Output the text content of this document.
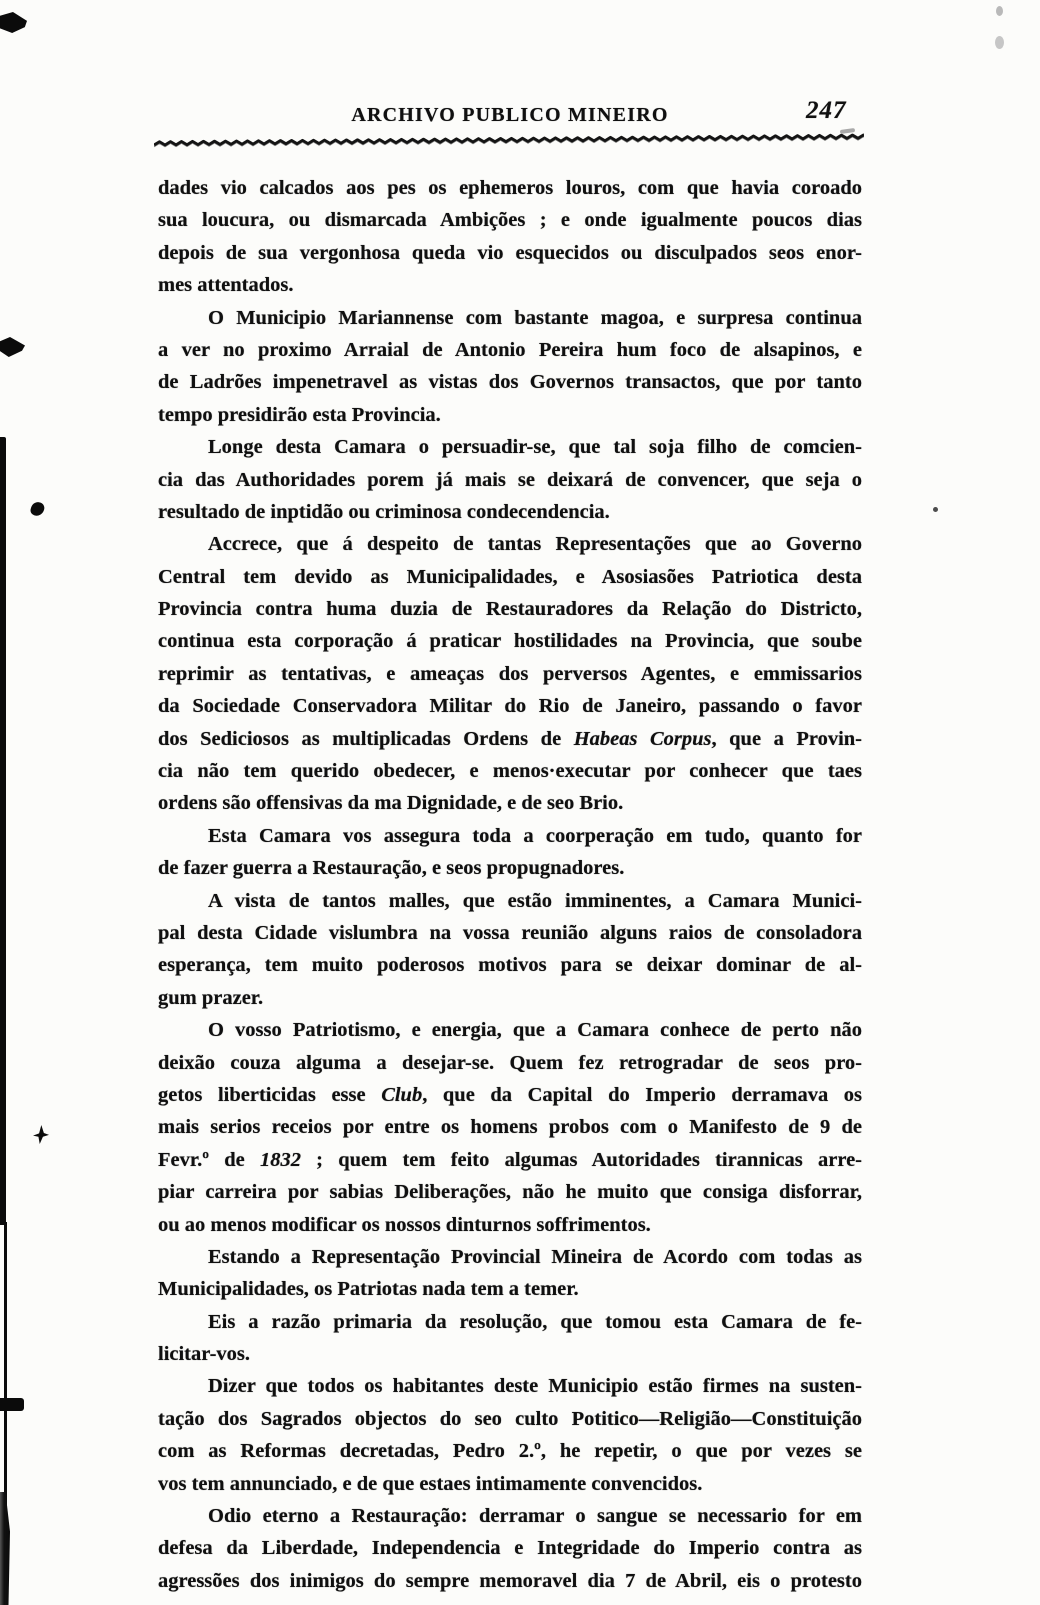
ARCHIVO PUBLICO MINEIRO	247
dades vio calcados aos pes os ephemeros louros, com que havia coroado
sua loucura, ou dismarcada Ambições ; e onde igualmente poucos dias
depois de sua vergonhosa queda vio esquecidos ou disculpados seos enor-
mes attentados.
O Municipio Mariannense com bastante magoa, e surpresa continua
a ver no proximo Arraial de Antonio Pereira hum foco de alsapinos, e
de Ladrões impenetravel as vistas dos Governos transactos, que por tanto
tempo presidirão esta Provincia.
Longe desta Camara o persuadir-se, que tal soja filho de comcien-
cia das Authoridades porem já mais se deixará de convencer, que seja o
resultado de inptidão ou criminosa condecendencia.
Accrece, que á despeito de tantas Representações que ao Governo
Central tem devido as Municipalidades, e Asosiasões Patriotica desta
Provincia contra huma duzia de Restauradores da Relação do Districto,
continua esta corporação á praticar hostilidades na Provincia, que soube
reprimir as tentativas, e ameaças dos perversos Agentes, e emmissarios
da Sociedade Conservadora Militar do Rio de Janeiro, passando o favor
dos Sediciosos as multiplicadas Ordens de Habeas Corpus, que a Provin-
cia não tem querido obedecer, e menos·executar por conhecer que taes
ordens são offensivas da ma Dignidade, e de seo Brio.
Esta Camara vos assegura toda a coorperação em tudo, quanto for
de fazer guerra a Restauração, e seos propugnadores.
A vista de tantos malles, que estão imminentes, a Camara Munici-
pal desta Cidade vislumbra na vossa reunião alguns raios de consoladora
esperança, tem muito poderosos motivos para se deixar dominar de al-
gum prazer.
O vosso Patriotismo, e energia, que a Camara conhece de perto não
deixão couza alguma a desejar-se. Quem fez retrogradar de seos pro-
getos liberticidas esse Club, que da Capital do Imperio derramava os
mais serios receios por entre os homens probos com o Manifesto de 9 de
Fevr.º de 1832 ; quem tem feito algumas Autoridades tirannicas arre-
piar carreira por sabias Deliberações, não he muito que consiga disforrar,
ou ao menos modificar os nossos dinturnos soffrimentos.
Estando a Representação Provincial Mineira de Acordo com todas as
Municipalidades, os Patriotas nada tem a temer.
Eis a razão primaria da resolução, que tomou esta Camara de fe-
licitar-vos.
Dizer que todos os habitantes deste Municipio estão firmes na susten-
tação dos Sagrados objectos do seo culto Potitico—Religião—Constituição
com as Reformas decretadas, Pedro 2.º, he repetir, o que por vezes se
vos tem annunciado, e de que estaes intimamente convencidos.
Odio eterno a Restauração: derramar o sangue se necessario for em
defesa da Liberdade, Independencia e Integridade do Imperio contra as
agressões dos inimigos do sempre memoravel dia 7 de Abril, eis o protesto
